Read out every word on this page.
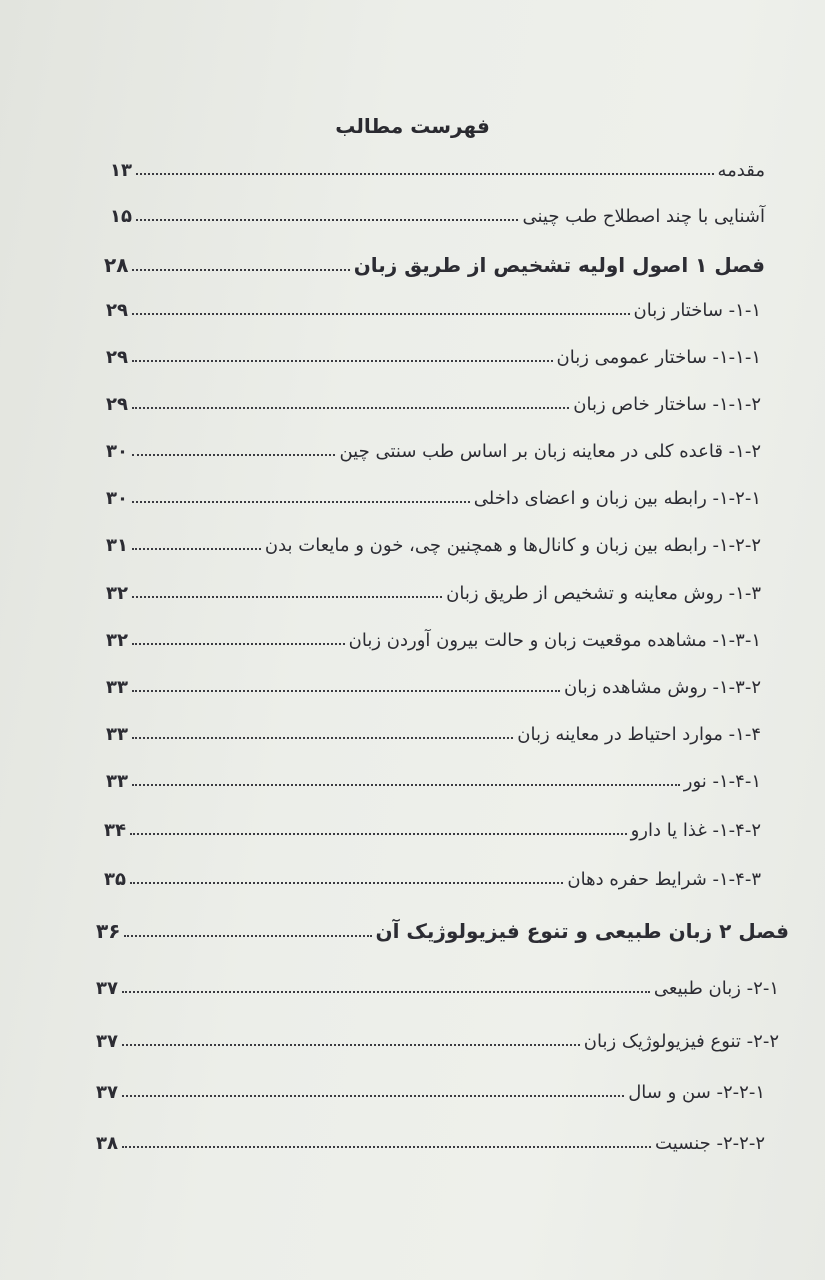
فهرست مطالب
مقدمه
۱۳
آشنایی با چند اصطلاح طب چینی
۱۵
فصل ۱ اصول اولیه تشخیص از طریق زبان
۲۸
۱-۱- ساختار زبان
۲۹
۱-۱-۱- ساختار عمومی زبان
۲۹
۱-۱-۲- ساختار خاص زبان
۲۹
۱-۲- قاعده کلی در معاینه زبان بر اساس طب سنتی چین
۳۰
۱-۲-۱- رابطه بین زبان و اعضای داخلی
۳۰
۱-۲-۲- رابطه بین زبان و کانال‌ها و همچنین چی، خون و مایعات بدن
۳۱
۱-۳- روش معاینه و تشخیص از طریق زبان
۳۲
۱-۳-۱- مشاهده موقعیت زبان و حالت بیرون آوردن زبان
۳۲
۱-۳-۲- روش مشاهده زبان
۳۳
۱-۴- موارد احتیاط در معاینه زبان
۳۳
۱-۴-۱- نور
۳۳
۱-۴-۲- غذا یا دارو
۳۴
۱-۴-۳- شرایط حفره دهان
۳۵
فصل ۲ زبان طبیعی و تنوع فیزیولوژیک آن
۳۶
۲-۱- زبان طبیعی
۳۷
۲-۲- تنوع فیزیولوژیک زبان
۳۷
۲-۲-۱- سن و سال
۳۷
۲-۲-۲- جنسیت
۳۸
